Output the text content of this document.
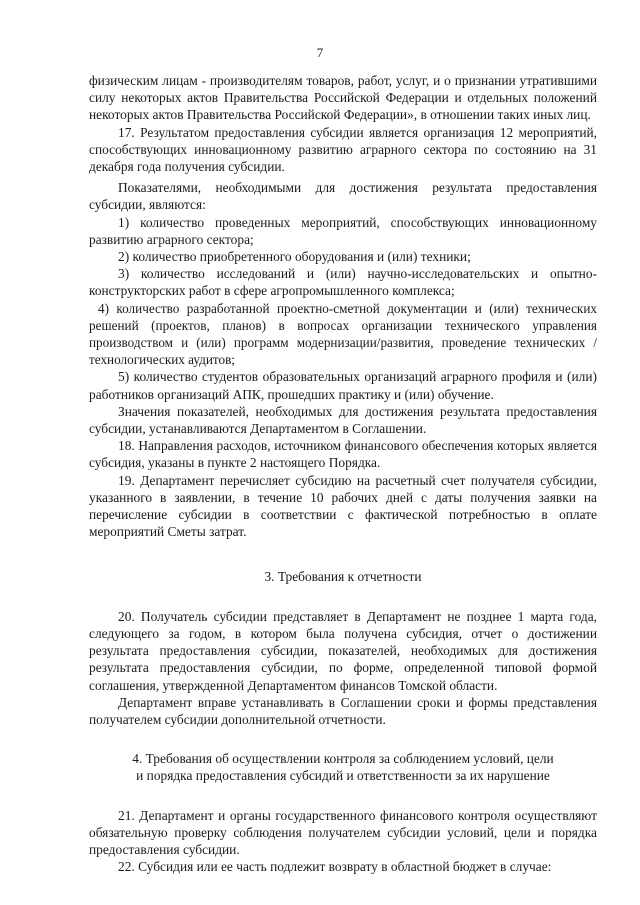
7

физическим лицам - производителям товаров, работ, услуг, и о признании утратившими силу некоторых актов Правительства Российской Федерации и отдельных положений некоторых актов Правительства Российской Федерации», в отношении таких иных лиц.

17. Результатом предоставления субсидии является организация 12 мероприятий, способствующих инновационному развитию аграрного сектора по состоянию на 31 декабря года получения субсидии.

Показателями, необходимыми для достижения результата предоставления субсидии, являются:

1) количество проведенных мероприятий, способствующих инновационному развитию аграрного сектора;

2) количество приобретенного оборудования и (или) техники;

3) количество исследований и (или) научно-исследовательских и опытно-конструкторских работ в сфере агропромышленного комплекса;

4) количество разработанной проектно-сметной документации и (или) технических решений (проектов, планов) в вопросах организации технического управления производством и (или) программ модернизации/развития, проведение технических /технологических аудитов;

5) количество студентов образовательных организаций аграрного профиля и (или) работников организаций АПК, прошедших практику и (или) обучение.

Значения показателей, необходимых для достижения результата предоставления субсидии, устанавливаются Департаментом в Соглашении.

18. Направления расходов, источником финансового обеспечения которых является субсидия, указаны в пункте 2 настоящего Порядка.

19. Департамент перечисляет субсидию на расчетный счет получателя субсидии, указанного в заявлении, в течение 10 рабочих дней с даты получения заявки на перечисление субсидии в соответствии с фактической потребностью в оплате мероприятий Сметы затрат.

3. Требования к отчетности

20. Получатель субсидии представляет в Департамент не позднее 1 марта года, следующего за годом, в котором была получена субсидия, отчет о достижении результата предоставления субсидии, показателей, необходимых для достижения результата предоставления субсидии, по форме, определенной типовой формой соглашения, утвержденной Департаментом финансов Томской области.

Департамент вправе устанавливать в Соглашении сроки и формы представления получателем субсидии дополнительной отчетности.

4. Требования об осуществлении контроля за соблюдением условий, цели

и порядка предоставления субсидий и ответственности за их нарушение

21. Департамент и органы государственного финансового контроля осуществляют обязательную проверку соблюдения получателем субсидии условий, цели и порядка предоставления субсидии.

22. Субсидия или ее часть подлежит возврату в областной бюджет в случае:
